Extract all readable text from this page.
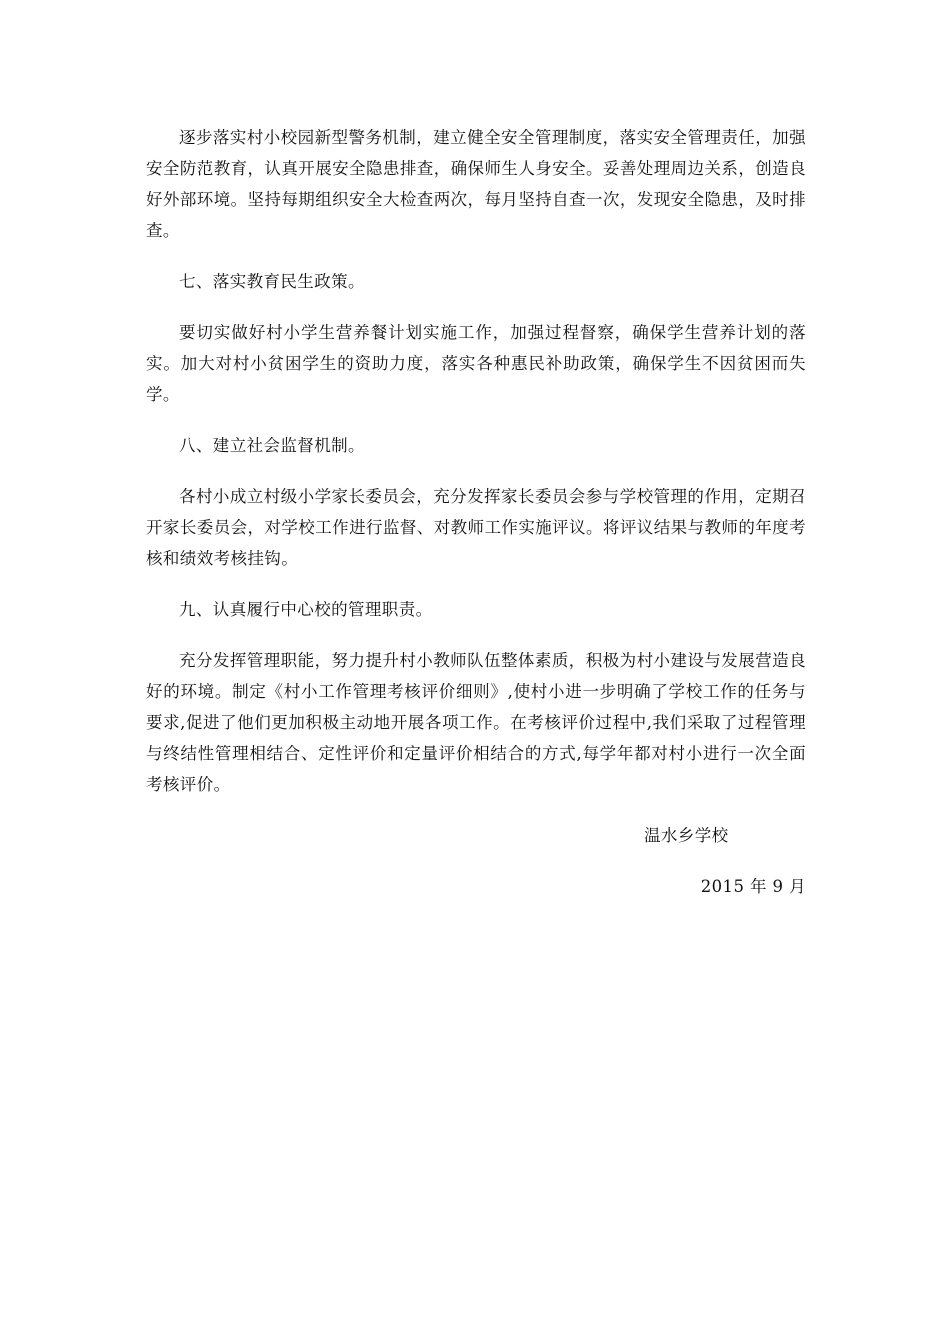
逐步落实村小校园新型警务机制，建立健全安全管理制度，落实安全管理责任，加强安全防范教育，认真开展安全隐患排查，确保师生人身安全。妥善处理周边关系，创造良好外部环境。坚持每期组织安全大检查两次，每月坚持自查一次，发现安全隐患，及时排查。

七、落实教育民生政策。

要切实做好村小学生营养餐计划实施工作，加强过程督察，确保学生营养计划的落实。加大对村小贫困学生的资助力度，落实各种惠民补助政策，确保学生不因贫困而失学。

八、建立社会监督机制。

各村小成立村级小学家长委员会，充分发挥家长委员会参与学校管理的作用，定期召开家长委员会，对学校工作进行监督、对教师工作实施评议。将评议结果与教师的年度考核和绩效考核挂钩。

九、认真履行中心校的管理职责。

充分发挥管理职能，努力提升村小教师队伍整体素质，积极为村小建设与发展营造良好的环境。制定《村小工作管理考核评价细则》,使村小进一步明确了学校工作的任务与要求,促进了他们更加积极主动地开展各项工作。在考核评价过程中,我们采取了过程管理与终结性管理相结合、定性评价和定量评价相结合的方式,每学年都对村小进行一次全面考核评价。

温水乡学校

2015 年 9 月
